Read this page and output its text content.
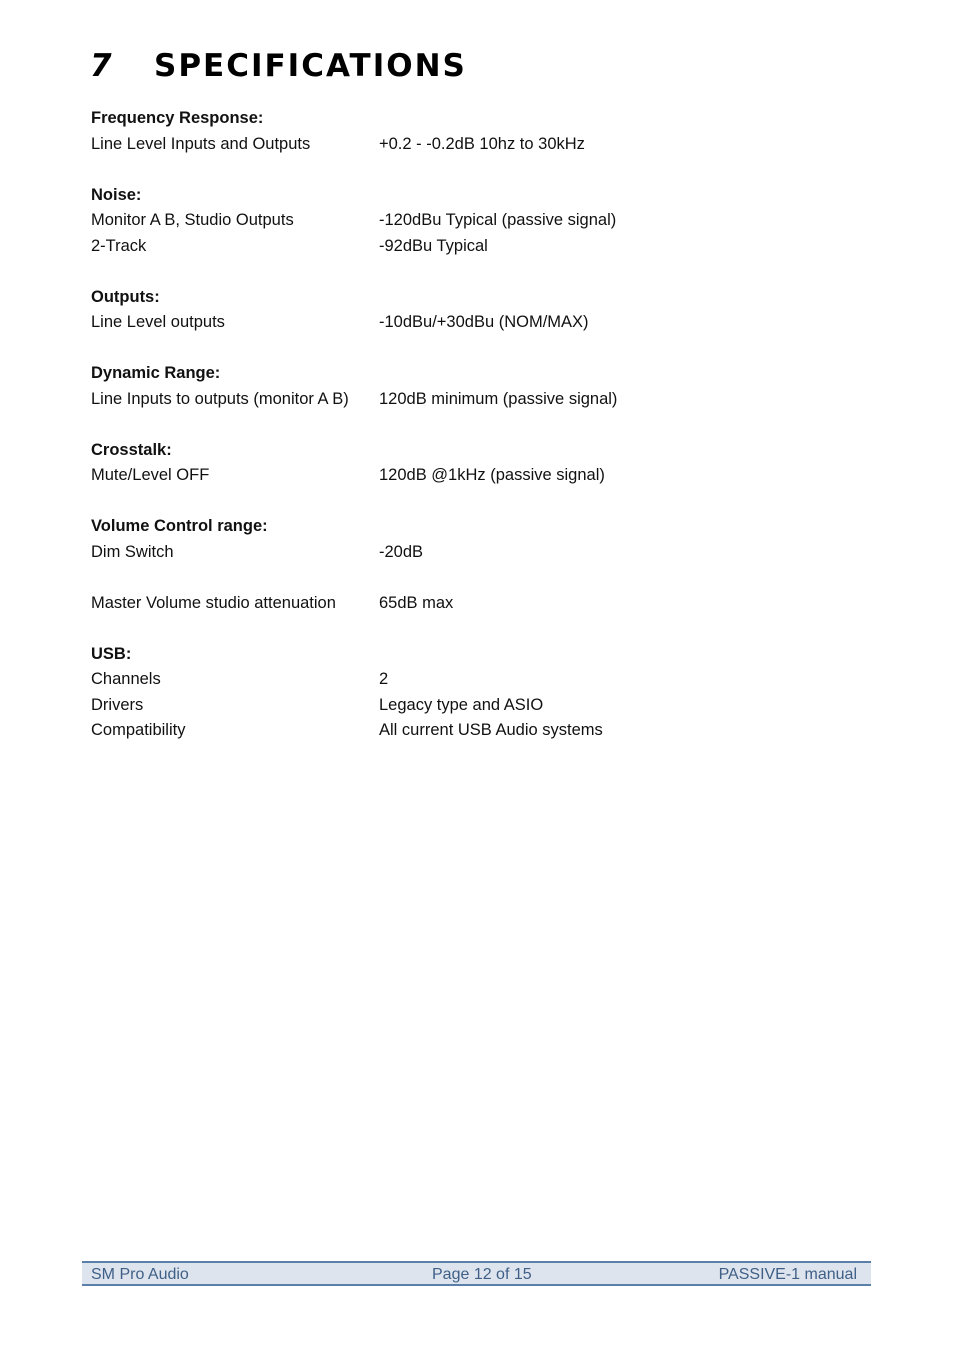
7 SPECIFICATIONS
Frequency Response:
Line Level Inputs and Outputs	+0.2 - -0.2dB 10hz to 30kHz
Noise:
Monitor A B, Studio Outputs	-120dBu Typical (passive signal)
2-Track	-92dBu Typical
Outputs:
Line Level outputs	-10dBu/+30dBu (NOM/MAX)
Dynamic Range:
Line Inputs to outputs (monitor A B)	120dB minimum (passive signal)
Crosstalk:
Mute/Level OFF	120dB @1kHz (passive signal)
Volume Control range:
Dim Switch	-20dB
Master Volume studio attenuation	65dB max
USB:
Channels	2
Drivers	Legacy type and ASIO
Compatibility	All current USB Audio systems
SM Pro Audio	Page 12 of 15	PASSIVE-1 manual
